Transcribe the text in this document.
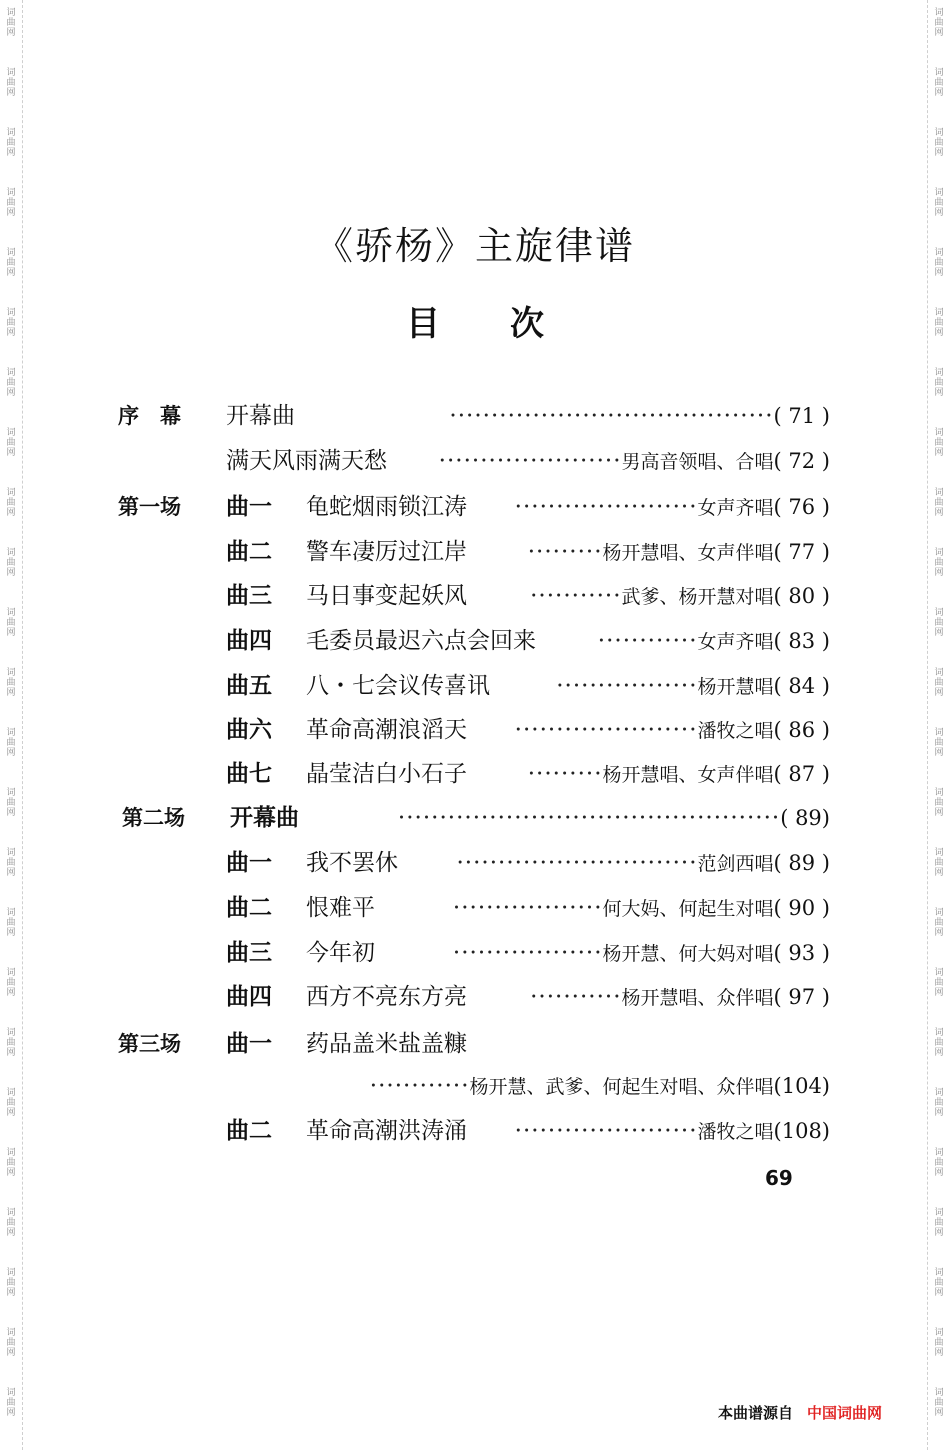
词
曲
网
词
曲
网
词
曲
网
词
曲
网
词
曲
网
词
曲
网
词
曲
网
词
曲
网
词
曲
网
词
曲
网
词
曲
网
词
曲
网
词
曲
网
词
曲
网
词
曲
网
词
曲
网
词
曲
网
词
曲
网
词
曲
网
词
曲
网
词
曲
网
词
曲
网
词
曲
网
词
曲
网
词
曲
网
词
曲
网
词
曲
网
词
曲
网
词
曲
网
词
曲
网
词
曲
网
词
曲
网
词
曲
网
词
曲
网
词
曲
网
词
曲
网
词
曲
网
词
曲
网
词
曲
网
词
曲
网
词
曲
网
词
曲
网
词
曲
网
词
曲
网
词
曲
网
词
曲
网
词
曲
网
词
曲
网
《骄杨》主旋律谱
目 次
序　幕 开幕曲	······································· ( 71 )
满天风雨满天愁 ······················ 男高音领唱、合唱 ( 72 )
第一场 曲一 龟蛇烟雨锁江涛 ······················ 女声齐唱 ( 76 )
曲二 警车凄厉过江岸	········· 杨开慧唱、女声伴唱 ( 77 )
曲三 马日事变起妖风	··········· 武爹、杨开慧对唱 ( 80 )
曲四 毛委员最迟六点会回来	············ 女声齐唱 ( 83 )
曲五 八・七会议传喜讯	················· 杨开慧唱 ( 84 )
曲六 革命高潮浪滔天 ······················ 潘牧之唱 ( 86 )
曲七 晶莹洁白小石子	········· 杨开慧唱、女声伴唱 ( 87 )
第二场 开幕曲	·············································· ( 89)
曲一 我不罢休	····························· 范剑西唱 ( 89 )
曲二 恨难平	·················· 何大妈、何起生对唱 ( 90 )
曲三 今年初	·················· 杨开慧、何大妈对唱 ( 93 )
曲四 西方不亮东方亮	··········· 杨开慧唱、众伴唱 ( 97 )
第三场 曲一 药品盖米盐盖糠
············ 杨开慧、武爹、何起生对唱、众伴唱 (104)
曲二 革命高潮洪涛涌 ······················ 潘牧之唱 (108)
69
本曲谱源自 中国词曲网
